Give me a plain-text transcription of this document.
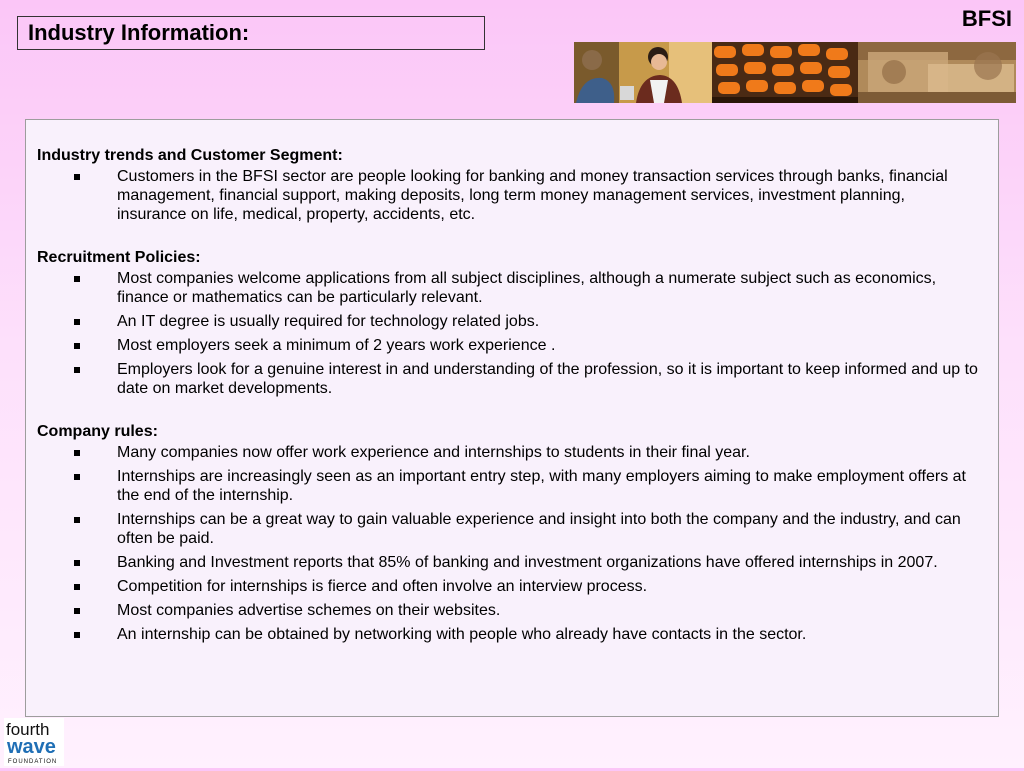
Industry Information:
BFSI
Industry trends and Customer Segment:
Customers in the BFSI sector are people looking for banking and money transaction services through banks, financial management, financial support, making deposits, long term money management services, investment planning, insurance on life, medical, property, accidents, etc.
Recruitment Policies:
Most companies welcome applications from all subject disciplines, although a numerate subject such as economics, finance or mathematics can be particularly relevant.
An IT degree is usually required for technology related jobs.
Most employers seek a minimum of 2 years work experience .
Employers look for a genuine interest in and understanding of the profession, so it is important to keep informed and up to date on market developments.
Company rules:
Many companies now offer work experience and internships to students in their final year.
Internships are increasingly seen as an important entry step, with many employers aiming to make employment offers at the end of the internship.
Internships can be a great way to gain valuable experience and insight into both the company and the industry, and can often be paid.
Banking and Investment reports that 85% of banking and investment organizations have offered internships in 2007.
Competition for internships is fierce and often involve an interview process.
Most companies advertise schemes on their websites.
An internship can be obtained by networking with people who already have contacts in the sector.
fourth
wave
FOUNDATION
